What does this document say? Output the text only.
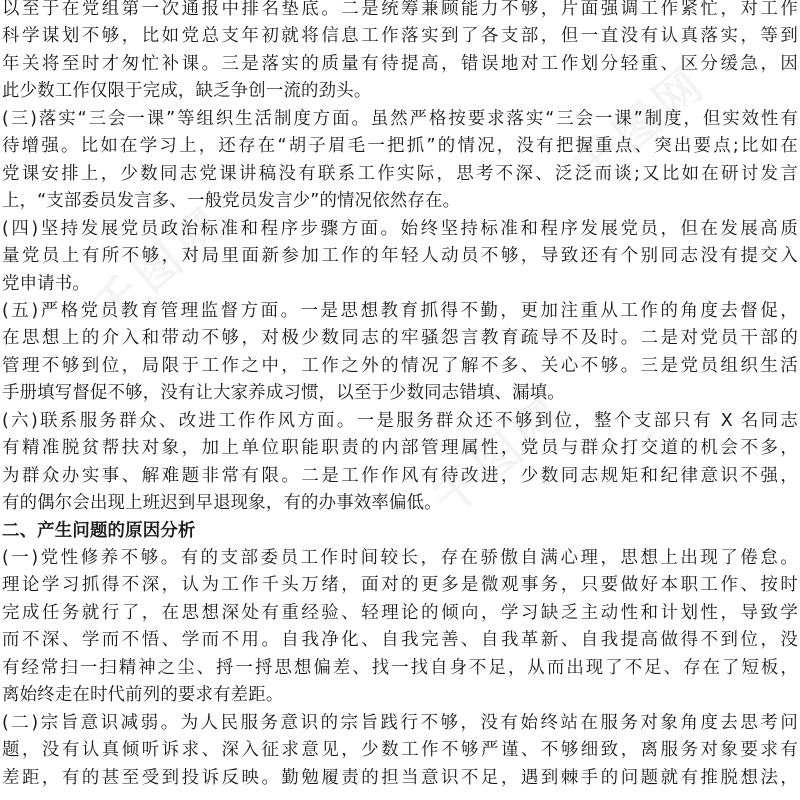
千图网
千图网
千图网
以至于在党组第一次通报中排名垫底。二是统筹兼顾能力不够，片面强调工作紧忙，对工作
科学谋划不够，比如党总支年初就将信息工作落实到了各支部，但一直没有认真落实，等到
年关将至时才匆忙补课。三是落实的质量有待提高，错误地对工作划分轻重、区分缓急，因
此少数工作仅限于完成，缺乏争创一流的劲头。
(三)落实“三会一课”等组织生活制度方面。虽然严格按要求落实“三会一课”制度，但实效性有
待增强。比如在学习上，还存在“胡子眉毛一把抓”的情况，没有把握重点、突出要点;比如在
党课安排上，少数同志党课讲稿没有联系工作实际，思考不深、泛泛而谈;又比如在研讨发言
上，“支部委员发言多、一般党员发言少”的情况依然存在。
(四)坚持发展党员政治标准和程序步骤方面。始终坚持标准和程序发展党员，但在发展高质
量党员上有所不够，对局里面新参加工作的年轻人动员不够，导致还有个别同志没有提交入
党申请书。
(五)严格党员教育管理监督方面。一是思想教育抓得不勤，更加注重从工作的角度去督促，
在思想上的介入和带动不够，对极少数同志的牢骚怨言教育疏导不及时。二是对党员干部的
管理不够到位，局限于工作之中，工作之外的情况了解不多、关心不够。三是党员组织生活
手册填写督促不够，没有让大家养成习惯，以至于少数同志错填、漏填。
(六)联系服务群众、改进工作作风方面。一是服务群众还不够到位，整个支部只有 X 名同志
有精准脱贫帮扶对象，加上单位职能职责的内部管理属性，党员与群众打交道的机会不多，
为群众办实事、解难题非常有限。二是工作作风有待改进，少数同志规矩和纪律意识不强，
有的偶尔会出现上班迟到早退现象，有的办事效率偏低。
二、产生问题的原因分析
(一)党性修养不够。有的支部委员工作时间较长，存在骄傲自满心理，思想上出现了倦怠。
理论学习抓得不深，认为工作千头万绪，面对的更多是微观事务，只要做好本职工作、按时
完成任务就行了，在思想深处有重经验、轻理论的倾向，学习缺乏主动性和计划性，导致学
而不深、学而不悟、学而不用。自我净化、自我完善、自我革新、自我提高做得不到位，没
有经常扫一扫精神之尘、捋一捋思想偏差、找一找自身不足，从而出现了不足、存在了短板，
离始终走在时代前列的要求有差距。
(二)宗旨意识减弱。为人民服务意识的宗旨践行不够，没有始终站在服务对象角度去思考问
题，没有认真倾听诉求、深入征求意见，少数工作不够严谨、不够细致，离服务对象要求有
差距，有的甚至受到投诉反映。勤勉履责的担当意识不足，遇到棘手的问题就有推脱想法，
